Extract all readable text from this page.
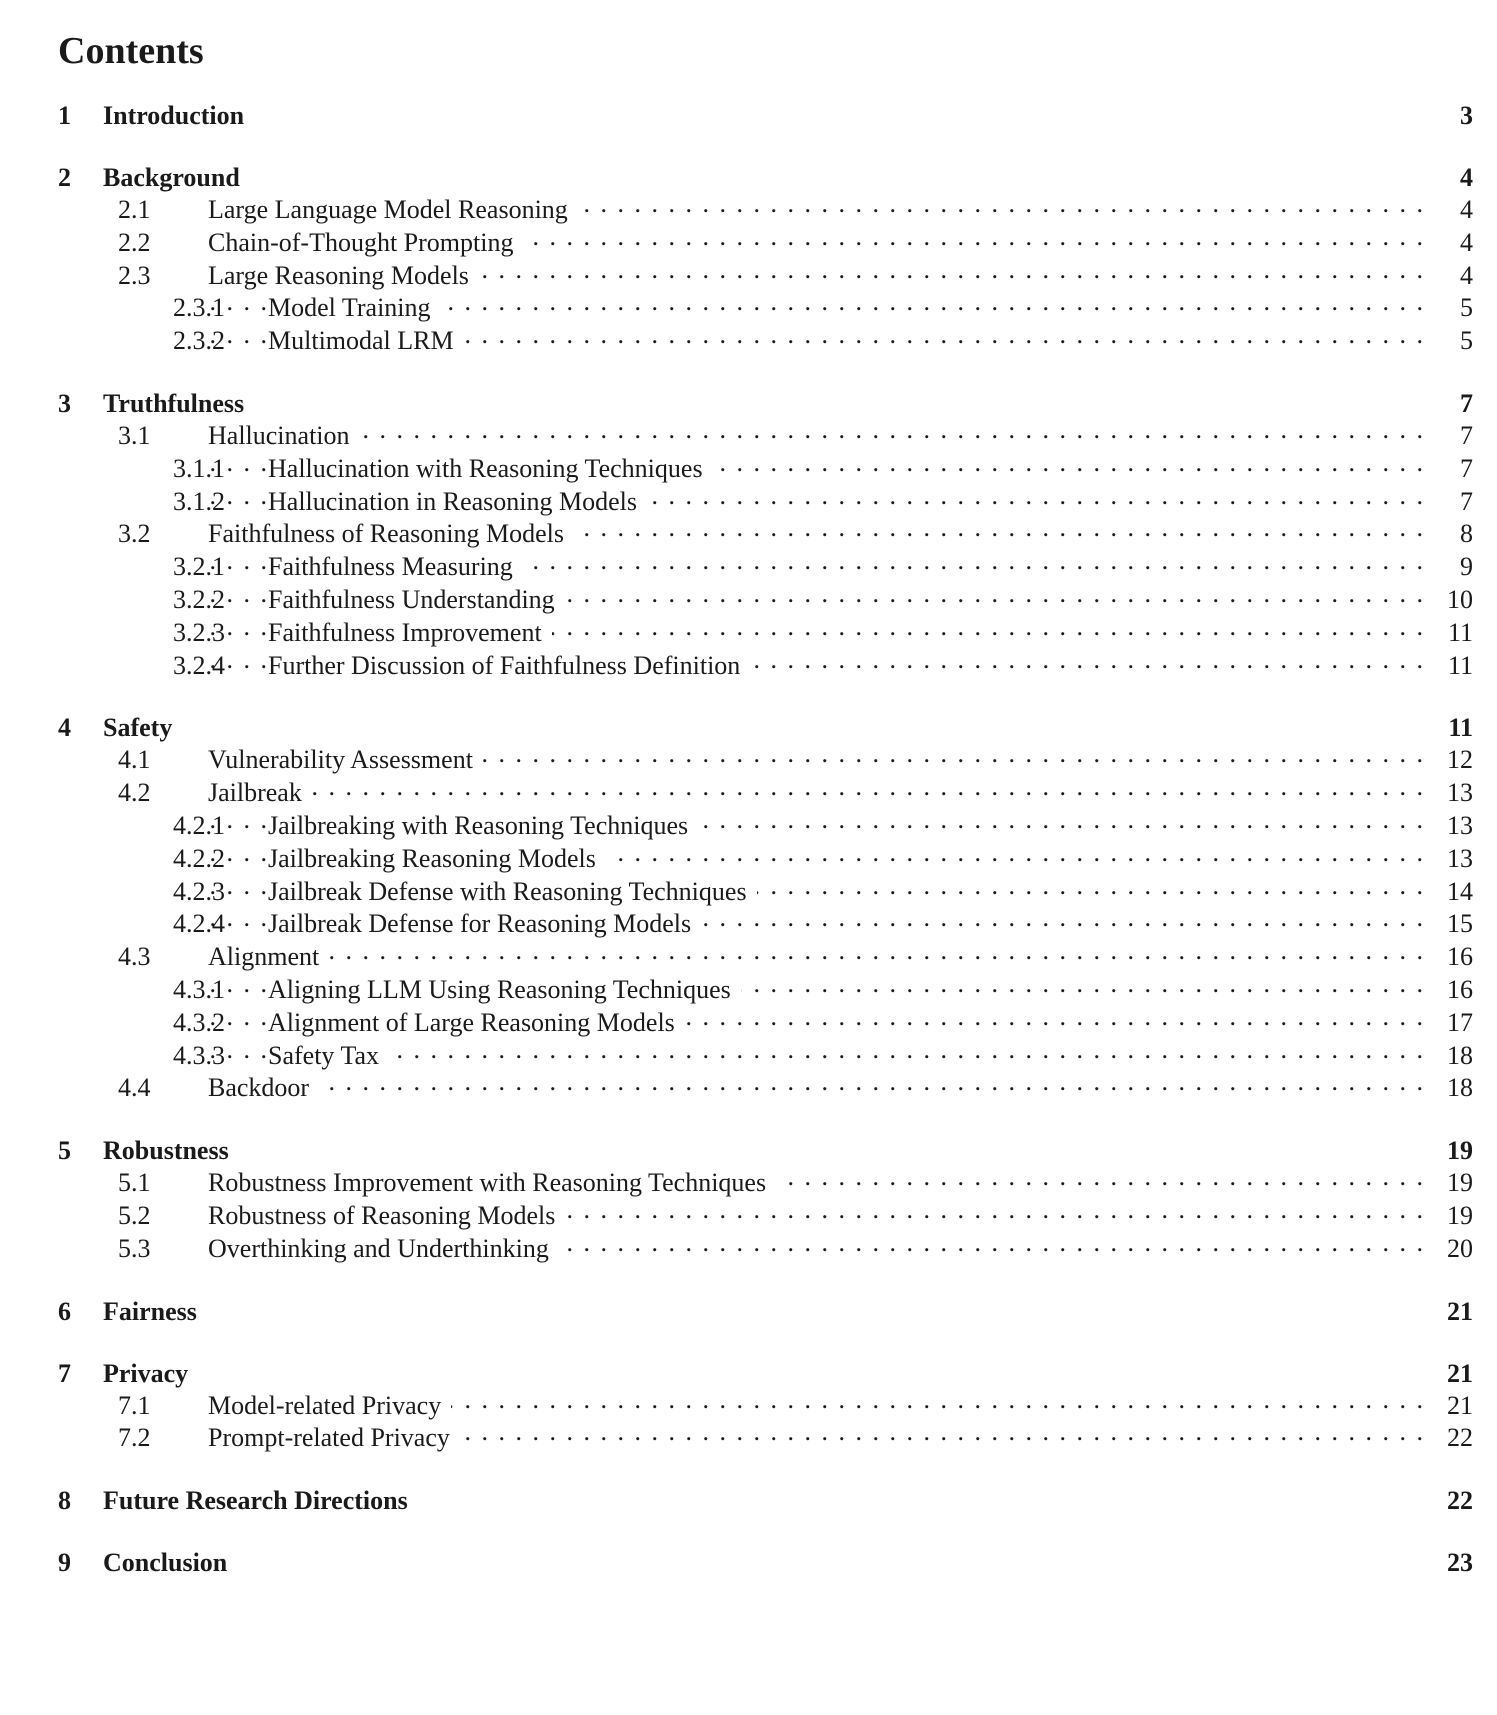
Contents
1 Introduction	3
2 Background	4
2.1 . . . Large Language Model Reasoning	4
2.2 . . . Chain-of-Thought Prompting	4
2.3 . . . Large Reasoning Models	4
2.3.1 . . . Model Training	5
2.3.2 . . . Multimodal LRM	5
3 Truthfulness	7
3.1 . . . Hallucination	7
3.1.1 . . . Hallucination with Reasoning Techniques	7
3.1.2 . . . Hallucination in Reasoning Models	7
3.2 . . . Faithfulness of Reasoning Models	8
3.2.1 . . . Faithfulness Measuring	9
3.2.2 . . . Faithfulness Understanding	10
3.2.3 . . . Faithfulness Improvement	11
3.2.4 . . . Further Discussion of Faithfulness Definition	11
4 Safety	11
4.1 . . . Vulnerability Assessment	12
4.2 . . . Jailbreak	13
4.2.1 . . . Jailbreaking with Reasoning Techniques	13
4.2.2 . . . Jailbreaking Reasoning Models	13
4.2.3 . . . Jailbreak Defense with Reasoning Techniques	14
4.2.4 . . . Jailbreak Defense for Reasoning Models	15
4.3 . . . Alignment	16
4.3.1 . . . Aligning LLM Using Reasoning Techniques	16
4.3.2 . . . Alignment of Large Reasoning Models	17
4.3.3 . . . Safety Tax	18
4.4 . . . Backdoor	18
5 Robustness	19
5.1 . . . Robustness Improvement with Reasoning Techniques	19
5.2 . . . Robustness of Reasoning Models	19
5.3 . . . Overthinking and Underthinking	20
6 Fairness	21
7 Privacy	21
7.1 . . . Model-related Privacy	21
7.2 . . . Prompt-related Privacy	22
8 Future Research Directions	22
9 Conclusion	23
